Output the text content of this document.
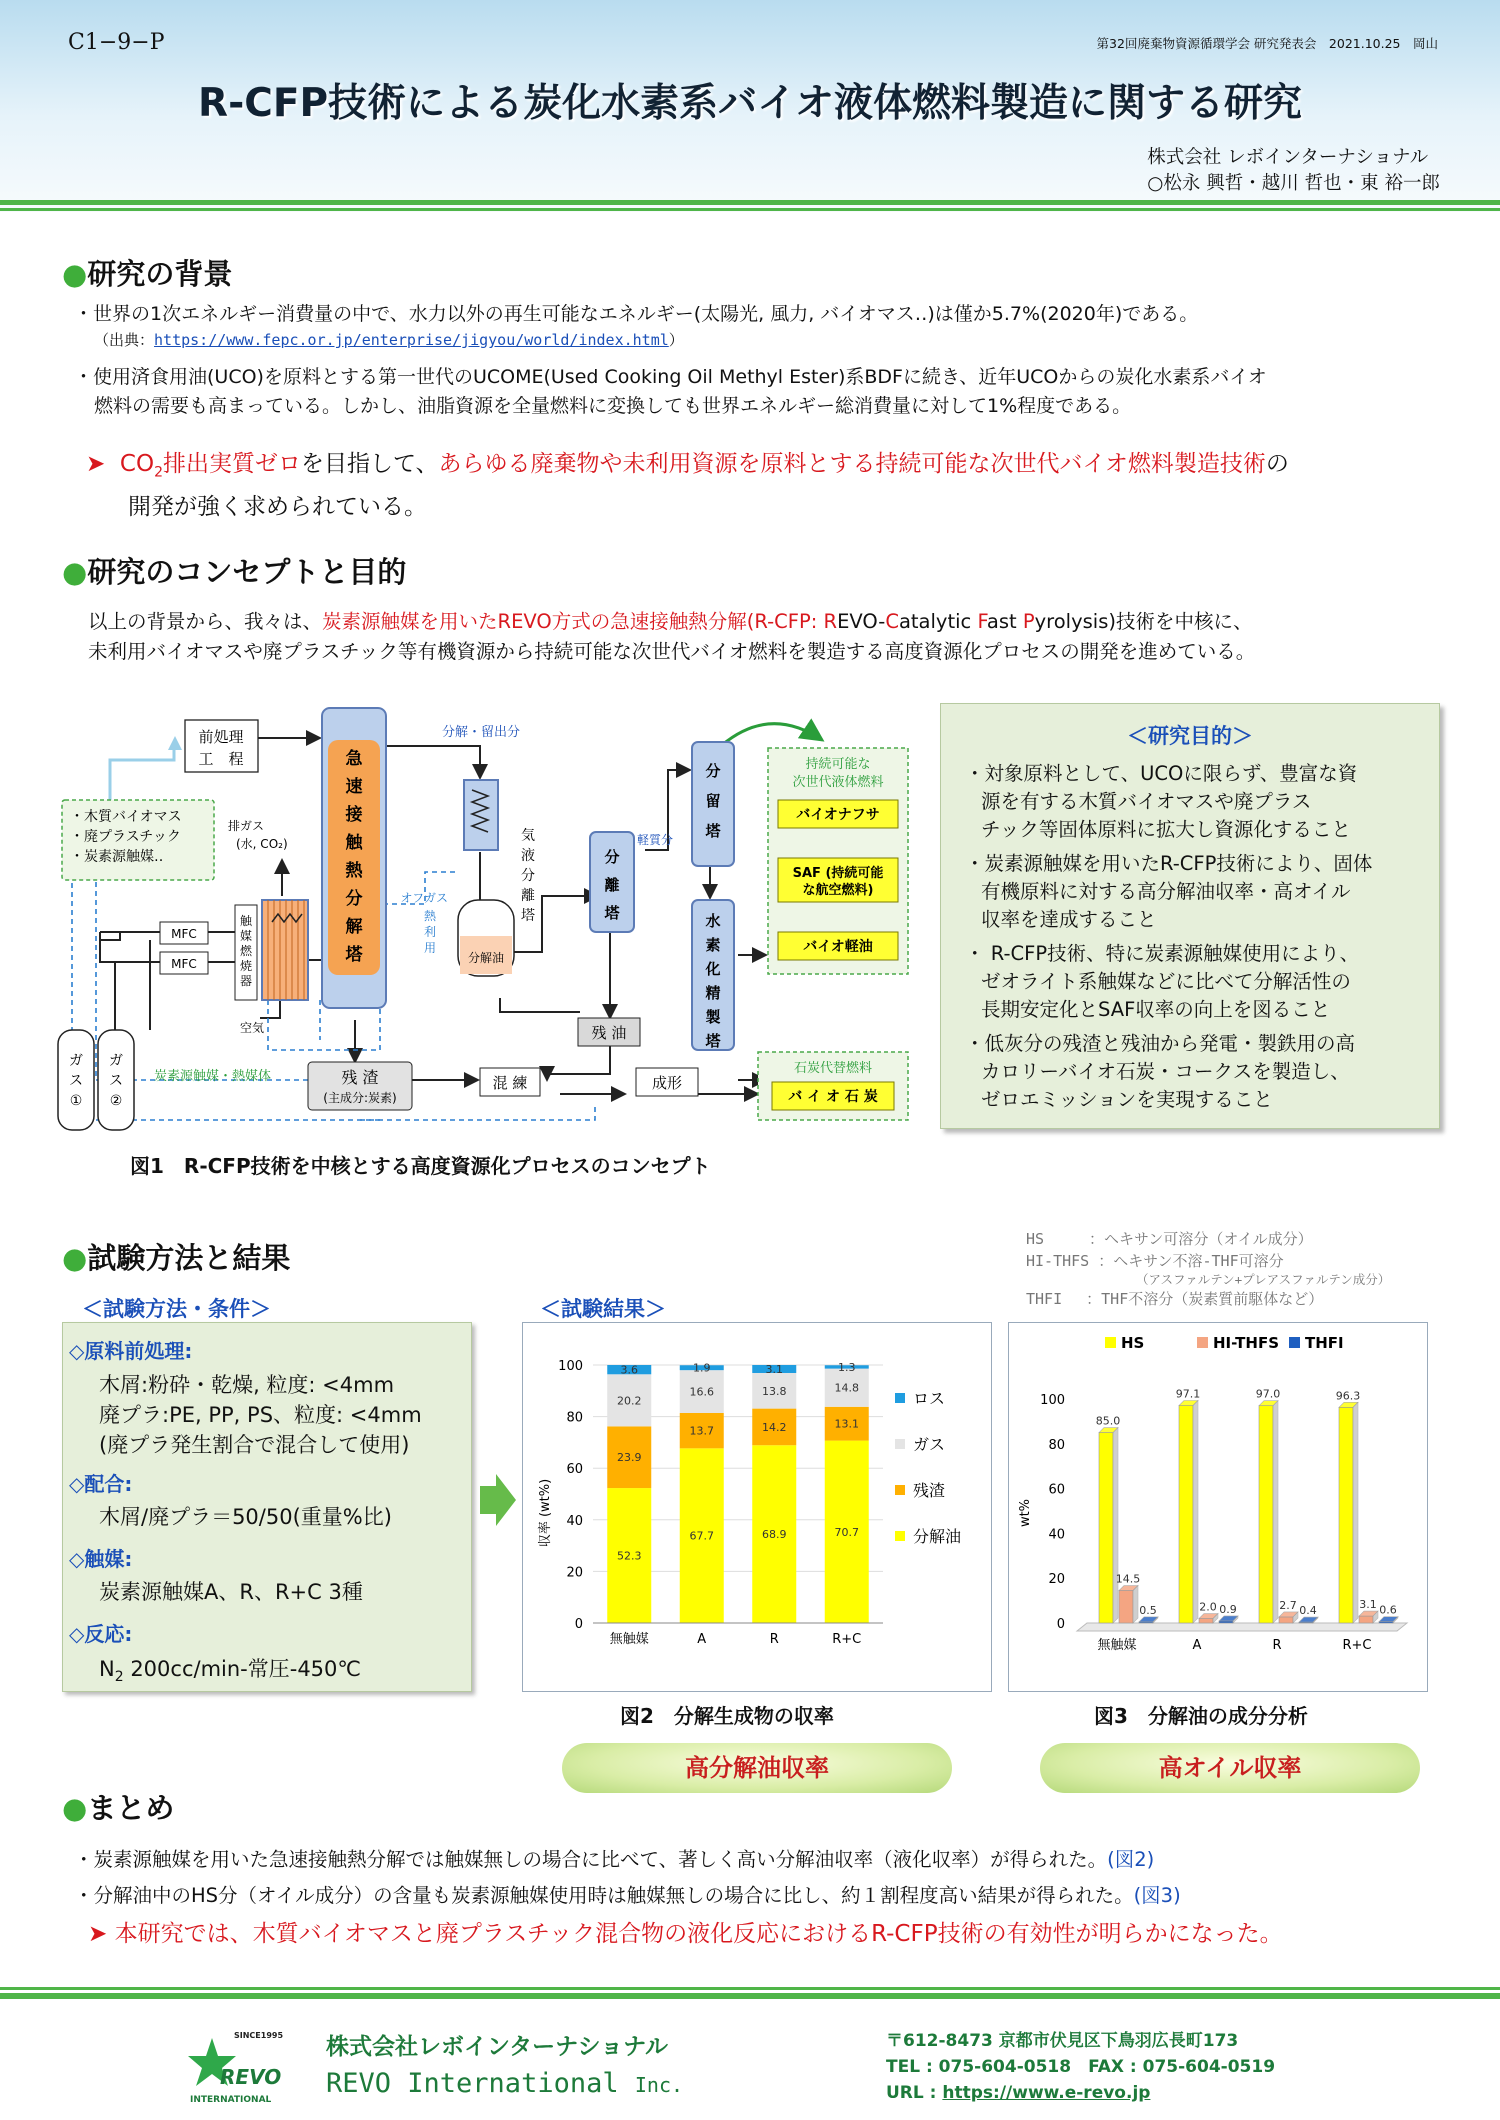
C1−9−P	第32回廃棄物資源循環学会 研究発表会　2021.10.25　岡山
R-CFP技術による炭化水素系バイオ液体燃料製造に関する研究
株式会社 レボインターナショナル
○松永 興哲・越川 哲也・東 裕一郎
●研究の背景
・世界の1次エネルギー消費量の中で、水力以外の再生可能なエネルギー(太陽光, 風力, バイオマス‥)は僅か5.7%(2020年)である。
（出典：https://www.fepc.or.jp/enterprise/jigyou/world/index.html）
・使用済食用油(UCO)を原料とする第一世代のUCOME(Used Cooking Oil Methyl Ester)系BDFに続き、近年UCOからの炭化水素系バイオ
燃料の需要も高まっている。しかし、油脂資源を全量燃料に変換しても世界エネルギー総消費量に対して1%程度である。
➤ $CO_2$排出実質ゼロを目指して、あらゆる廃棄物や未利用資源を原料とする持続可能な次世代バイオ燃料製造技術の
開発が強く求められている。
●研究のコンセプトと目的
以上の背景から、我々は、炭素源触媒を用いたREVO方式の急速接触熱分解(R-CFP: REVO-Catalytic Fast Pyrolysis)技術を中核に、
未利用バイオマスや廃プラスチック等有機資源から持続可能な次世代バイオ燃料を製造する高度資源化プロセスの開発を進めている。
・木質バイオマス
・廃プラスチック
・炭素源触媒‥
前処理
工　程
MFC
MFC
ガ
ス
①
ガ
ス
②
触
媒
燃
焼
器
排ガス
(水, CO₂)
空気
急
速
接
触
熱
分
解
塔
分解・留出分
気
液
分
離
塔
分解油
オフガス
熱
利
用
分
離
塔
軽質分
残 油
分
留
塔
水
素
化
精
製
塔
残 渣
(主成分:炭素)
炭素源触媒・熱媒体	混 練	成形
持続可能な
次世代液体燃料
バイオナフサ
SAF (持続可能
な航空燃料)
バイオ軽油
石炭代替燃料
バ イ オ 石 炭
図1　R-CFP技術を中核とする高度資源化プロセスのコンセプト
＜研究目的＞
・対象原料として、UCOに限らず、豊富な資
源を有する木質バイオマスや廃プラス
チック等固体原料に拡大し資源化すること
・炭素源触媒を用いたR-CFP技術により、固体
有機原料に対する高分解油収率・高オイル
収率を達成すること
・ R-CFP技術、特に炭素源触媒使用により、
ゼオライト系触媒などに比べて分解活性の
長期安定化とSAF収率の向上を図ること
・低灰分の残渣と残油から発電・製鉄用の高
カロリーバイオ石炭・コークスを製造し、
ゼロエミッションを実現すること
●試験方法と結果
HS　　　：ヘキサン可溶分（オイル成分）
HI-THFS ：ヘキサン不溶-THF可溶分
（アスファルテン+プレアスファルテン成分）
THFI　 ：THF不溶分（炭素質前駆体など）
＜試験方法・条件＞	＜試験結果＞
◇原料前処理:
木屑:粉砕・乾燥, 粒度: <4mm
廃プラ:PE, PP, PS、粒度: <4mm
(廃プラ発生割合で混合して使用)
◇配合:
木屑/廃プラ＝50/50(重量%比)
◇触媒:
炭素源触媒A、R、R+C 3種
◇反応:
$N_2$ 200cc/min-常圧-450℃
収率 (wt%)
0
20
40
60
80
100
52.3
23.9
20.2
3.6
無触媒
67.7
13.7
16.6
1.9
A
68.9
14.2
13.8
3.1
R
70.7
13.1
14.8
1.3
R+C
ロス
ガス
残渣
分解油
図2　分解生成物の収率
HS	HI-THFS THFI
wt%
0
20
40
60
80
100
85.0
14.5
0.5
無触媒
97.1
2.0 0.9
A
97.0
2.7 0.4
R
96.3
3.1 0.6
R+C
図3　分解油の成分分析
高分解油収率	高オイル収率
●まとめ
・炭素源触媒を用いた急速接触熱分解では触媒無しの場合に比べて、著しく高い分解油収率（液化収率）が得られた。(図2)
・分解油中のHS分（オイル成分）の含量も炭素源触媒使用時は触媒無しの場合に比し、約１割程度高い結果が得られた。(図3)
➤ 本研究では、木質バイオマスと廃プラスチック混合物の液化反応におけるR-CFP技術の有効性が明らかになった。
SINCE1995
REVO
INTERNATIONAL
株式会社レボインターナショナル
REVO International Inc.
〒612-8473 京都市伏見区下鳥羽広長町173
TEL : 075-604-0518　FAX : 075-604-0519
URL : https://www.e-revo.jp
